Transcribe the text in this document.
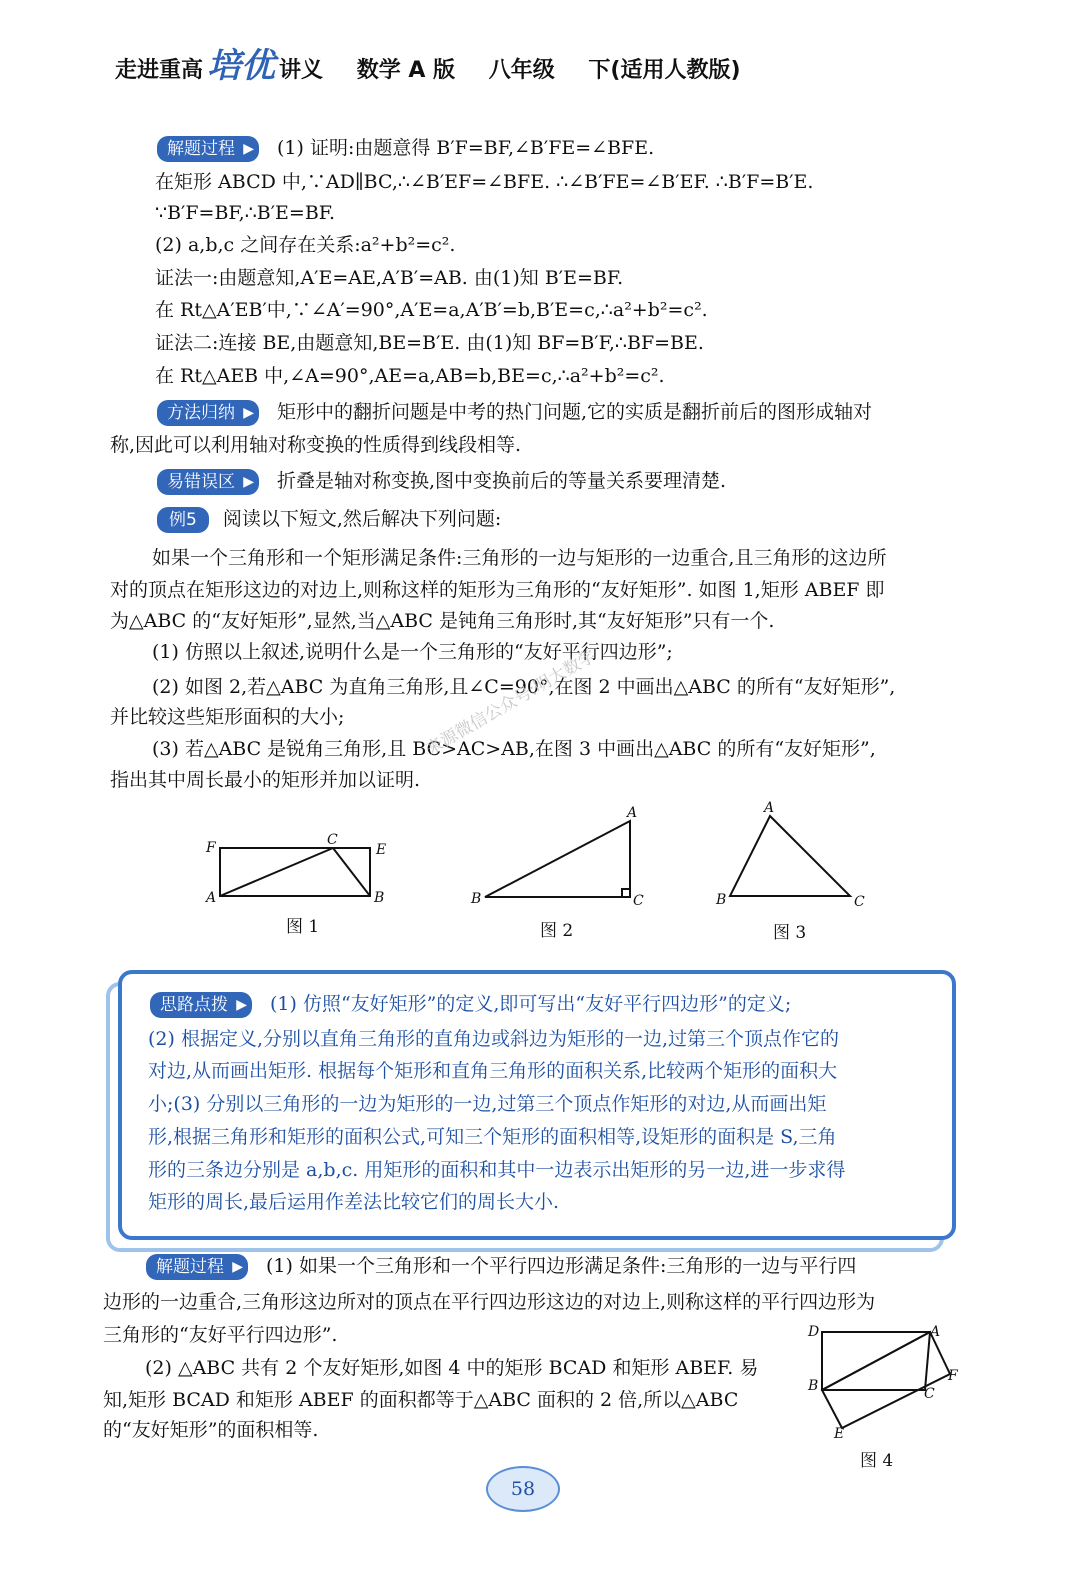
走进重高 培优 讲义 数学 A 版 八年级 下(适用人教版)
解题过程 ▶ (1) 证明:由题意得 B′F=BF,∠B′FE=∠BFE.
在矩形 ABCD 中,∵AD∥BC,∴∠B′EF=∠BFE. ∴∠B′FE=∠B′EF. ∴B′F=B′E.
∵B′F=BF,∴B′E=BF.
(2) a,b,c 之间存在关系:a²+b²=c².
证法一:由题意知,A′E=AE,A′B′=AB. 由(1)知 B′E=BF.
在 Rt△A′EB′中,∵∠A′=90°,A′E=a,A′B′=b,B′E=c,∴a²+b²=c².
证法二:连接 BE,由题意知,BE=B′E. 由(1)知 BF=B′F,∴BF=BE.
在 Rt△AEB 中,∠A=90°,AE=a,AB=b,BE=c,∴a²+b²=c².
方法归纳 ▶ 矩形中的翻折问题是中考的热门问题,它的实质是翻折前后的图形成轴对
称,因此可以利用轴对称变换的性质得到线段相等.
易错误区 ▶ 折叠是轴对称变换,图中变换前后的等量关系要理清楚.
例5 阅读以下短文,然后解决下列问题:
如果一个三角形和一个矩形满足条件:三角形的一边与矩形的一边重合,且三角形的这边所
对的顶点在矩形这边的对边上,则称这样的矩形为三角形的“友好矩形”. 如图 1,矩形 ABEF 即
为△ABC 的“友好矩形”,显然,当△ABC 是钝角三角形时,其“友好矩形”只有一个.
(1) 仿照以上叙述,说明什么是一个三角形的“友好平行四边形”;
(2) 如图 2,若△ABC 为直角三角形,且∠C=90°,在图 2 中画出△ABC 的所有“友好矩形”,
并比较这些矩形面积的大小;
(3) 若△ABC 是锐角三角形,且 BC>AC>AB,在图 3 中画出△ABC 的所有“友好矩形”,
指出其中周长最小的矩形并加以证明.
来源微信公众号:明大数学
F	C
E
A	B
图 1
A
B	C
图 2
A
B	C
图 3
思路点拨 ▶ (1) 仿照“友好矩形”的定义,即可写出“友好平行四边形”的定义;
(2) 根据定义,分别以直角三角形的直角边或斜边为矩形的一边,过第三个顶点作它的
对边,从而画出矩形. 根据每个矩形和直角三角形的面积关系,比较两个矩形的面积大
小;(3) 分别以三角形的一边为矩形的一边,过第三个顶点作矩形的对边,从而画出矩
形,根据三角形和矩形的面积公式,可知三个矩形的面积相等,设矩形的面积是 S,三角
形的三条边分别是 a,b,c. 用矩形的面积和其中一边表示出矩形的另一边,进一步求得
矩形的周长,最后运用作差法比较它们的周长大小.
解题过程 ▶ (1) 如果一个三角形和一个平行四边形满足条件:三角形的一边与平行四
边形的一边重合,三角形这边所对的顶点在平行四边形这边的对边上,则称这样的平行四边形为
三角形的“友好平行四边形”.
(2) △ABC 共有 2 个友好矩形,如图 4 中的矩形 BCAD 和矩形 ABEF. 易
知,矩形 BCAD 和矩形 ABEF 的面积都等于△ABC 面积的 2 倍,所以△ABC
的“友好矩形”的面积相等.
D	A
F
B	C
E
图 4
58
